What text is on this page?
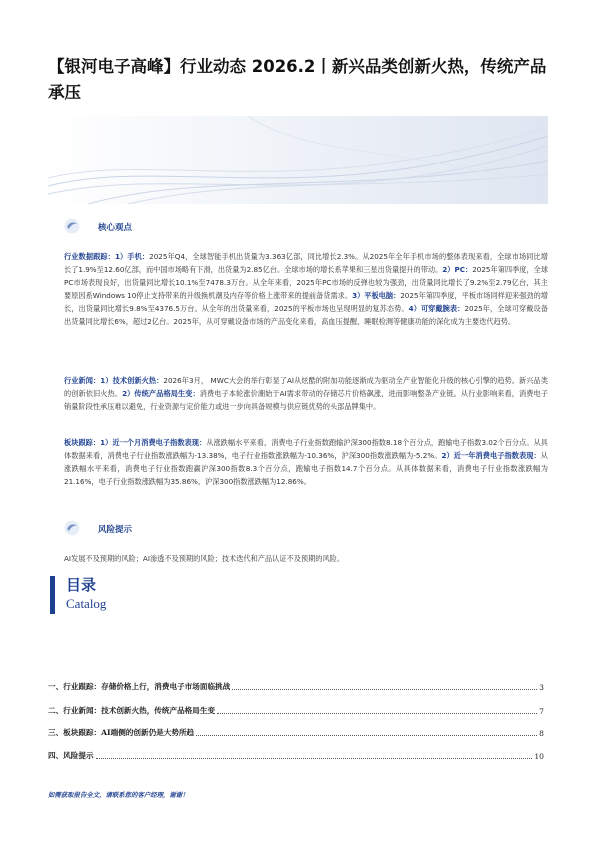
【银河电子高峰】行业动态 2026.2丨新兴品类创新火热，传统产品承压
核心观点
行业数据跟踪：1）手机：2025年Q4，全球智能手机出货量为3.363亿部，同比增长2.3%。从2025年全年手机市场的整体表现来看，全球市场同比增长了1.9%至12.60亿部，而中国市场略有下滑，出货量为2.85亿台。全球市场的增长系苹果和三星出货量提升的带动。2）PC：2025年第四季度，全球PC市场表现良好，出货量同比增长10.1%至7478.3万台。从全年来看，2025年PC市场的反弹也较为强劲，出货量同比增长了9.2%至2.79亿台，其主要原因系Windows 10停止支持带来的升级换机潮及内存等价格上涨带来的提前备货需求。3）平板电脑：2025年第四季度，平板市场同样迎来强劲的增长，出货量同比增长9.8%至4376.5万台。从全年的出货量来看，2025的平板市场也呈现明显的复苏态势。4）可穿戴腕表：2025年，全球可穿戴设备出货量同比增长6%，超过2亿台。2025年，从可穿戴设备市场的产品变化来看，高血压提醒、睡眠检测等健康功能的深化成为主要迭代趋势。
行业新闻：1）技术创新火热：2026年3月， MWC大会的举行彰显了AI从炫酷的附加功能逐渐成为驱动全产业智能化升级的核心引擎的趋势。新兴品类的创新依旧火热。2）传统产品格局生变：消费电子本轮涨价潮始于AI需求带动的存储芯片价格飙涨，进而影响整条产业链。从行业影响来看，消费电子销量阶段性承压难以避免，行业资源与定价能力或进一步向具备规模与供应链优势的头部品牌集中。
板块跟踪：1）近一个月消费电子指数表现：从涨跌幅水平来看，消费电子行业指数跑输沪深300指数8.18个百分点，跑输电子指数3.02个百分点。从具体数据来看，消费电子行业指数涨跌幅为-13.38%，电子行业指数涨跌幅为-10.36%，沪深300指数涨跌幅为-5.2%。2）近一年消费电子指数表现：从涨跌幅水平来看，消费电子行业指数跑赢沪深300指数8.3个百分点，跑输电子指数14.7个百分点。从具体数据来看，消费电子行业指数涨跌幅为21.16%，电子行业指数涨跌幅为35.86%，沪深300指数涨跌幅为12.86%。
风险提示
AI发展不及预期的风险；AI渗透不及预期的风险；技术迭代和产品认证不及预期的风险。
目录
Catalog
一、行业跟踪：存储价格上行，消费电子市场面临挑战	3
二、行业新闻：技术创新火热，传统产品格局生变	7
三、板块跟踪：AI端侧的创新仍是大势所趋	8
四、风险提示	10
如需获取报告全文，请联系您的客户经理，谢谢！
